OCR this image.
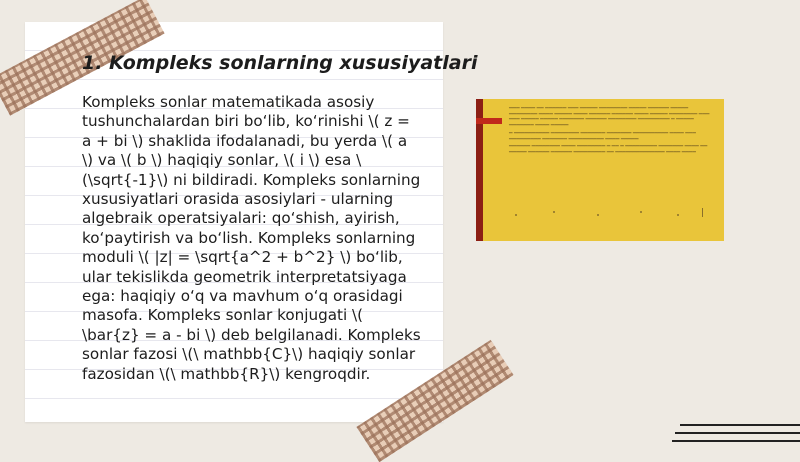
1. Kompleks sonlarning xususiyatlari

Kompleks sonlar matematikada asosiy tushunchalardan biri bo‘lib, ko‘rinishi \( z = a + bi \) shaklida ifodalanadi, bu yerda \( a \) va \( b \) haqiqiy sonlar, \( i \) esa \(\sqrt{-1}\) ni bildiradi. Kompleks sonlarning xususiyatlari orasida asosiylari - ularning algebraik operatsiyalari: qo‘shish, ayirish, ko‘paytirish va bo‘lish. Kompleks sonlarning moduli \( |z| = \sqrt{a^2 + b^2} \) bo‘lib, ular tekislikda geometrik interpretatsiyaga ega: haqiqiy o‘q va mavhum o‘q orasidagi masofa. Kompleks sonlar konjugati \( \bar{z} = a - bi \) deb belgilanadi. Kompleks sonlar fazosi \(\ mathbb{C}\) haqiqiy sonlar fazosidan \(\ mathbb{R}\) kengroqdir.

▁▁▁ ▁▁▁▁ ▁▁ ▁▁▁▁▁▁ ▁▁▁ ▁▁▁▁▁ ▁▁▁▁▁▁▁▁ ▁▁▁▁▁ ▁▁▁▁▁▁ ▁▁▁▁▁ ▁▁▁▁▁▁▁▁ ▁▁▁▁ ▁▁▁▁▁ ▁▁▁▁ ▁▁▁▁▁▁ ▁▁▁▁▁▁ ▁▁▁▁ ▁▁▁▁▁ ▁▁▁▁▁▁▁▁ ▁▁▁ ▁▁▁ ▁▁▁▁▁ ▁▁▁▁▁ ▁▁▁▁▁▁▁ ▁▁▁▁▁▁ ▁▁▁▁▁▁▁▁ ▁▁▁▁▁▁▁▁▁ ▁ ▁▁▁▁▁ ▁▁▁▁▁▁▁ ▁▁▁▁ ▁▁▁▁▁

▁ ▁▁▁▁▁▁▁▁▁▁ ▁▁▁▁▁▁▁▁ ▁▁▁▁▁▁▁ ▁▁▁▁▁▁▁ ▁▁▁▁▁▁▁▁▁▁ ▁▁▁▁ ▁▁▁ ▁▁▁▁▁▁▁▁▁ ▁▁▁▁▁▁▁ ▁▁▁▁▁▁▁▁▁▁ ▁▁▁▁ ▁▁▁▁▁

▁▁▁▁▁▁ ▁▁▁▁▁▁▁▁ ▁▁▁▁ ▁▁▁▁▁▁▁▁ ▁ ▁▁ ▁ ▁▁▁▁▁▁▁▁▁ ▁▁▁▁▁▁▁ ▁▁▁▁ ▁▁ ▁▁▁▁▁ ▁▁▁▁▁▁ ▁▁▁▁▁▁ ▁▁▁▁▁▁▁▁▁ ▁▁ ▁▁▁▁▁▁▁▁▁▁▁▁▁▁ ▁▁▁▁ ▁▁▁▁
